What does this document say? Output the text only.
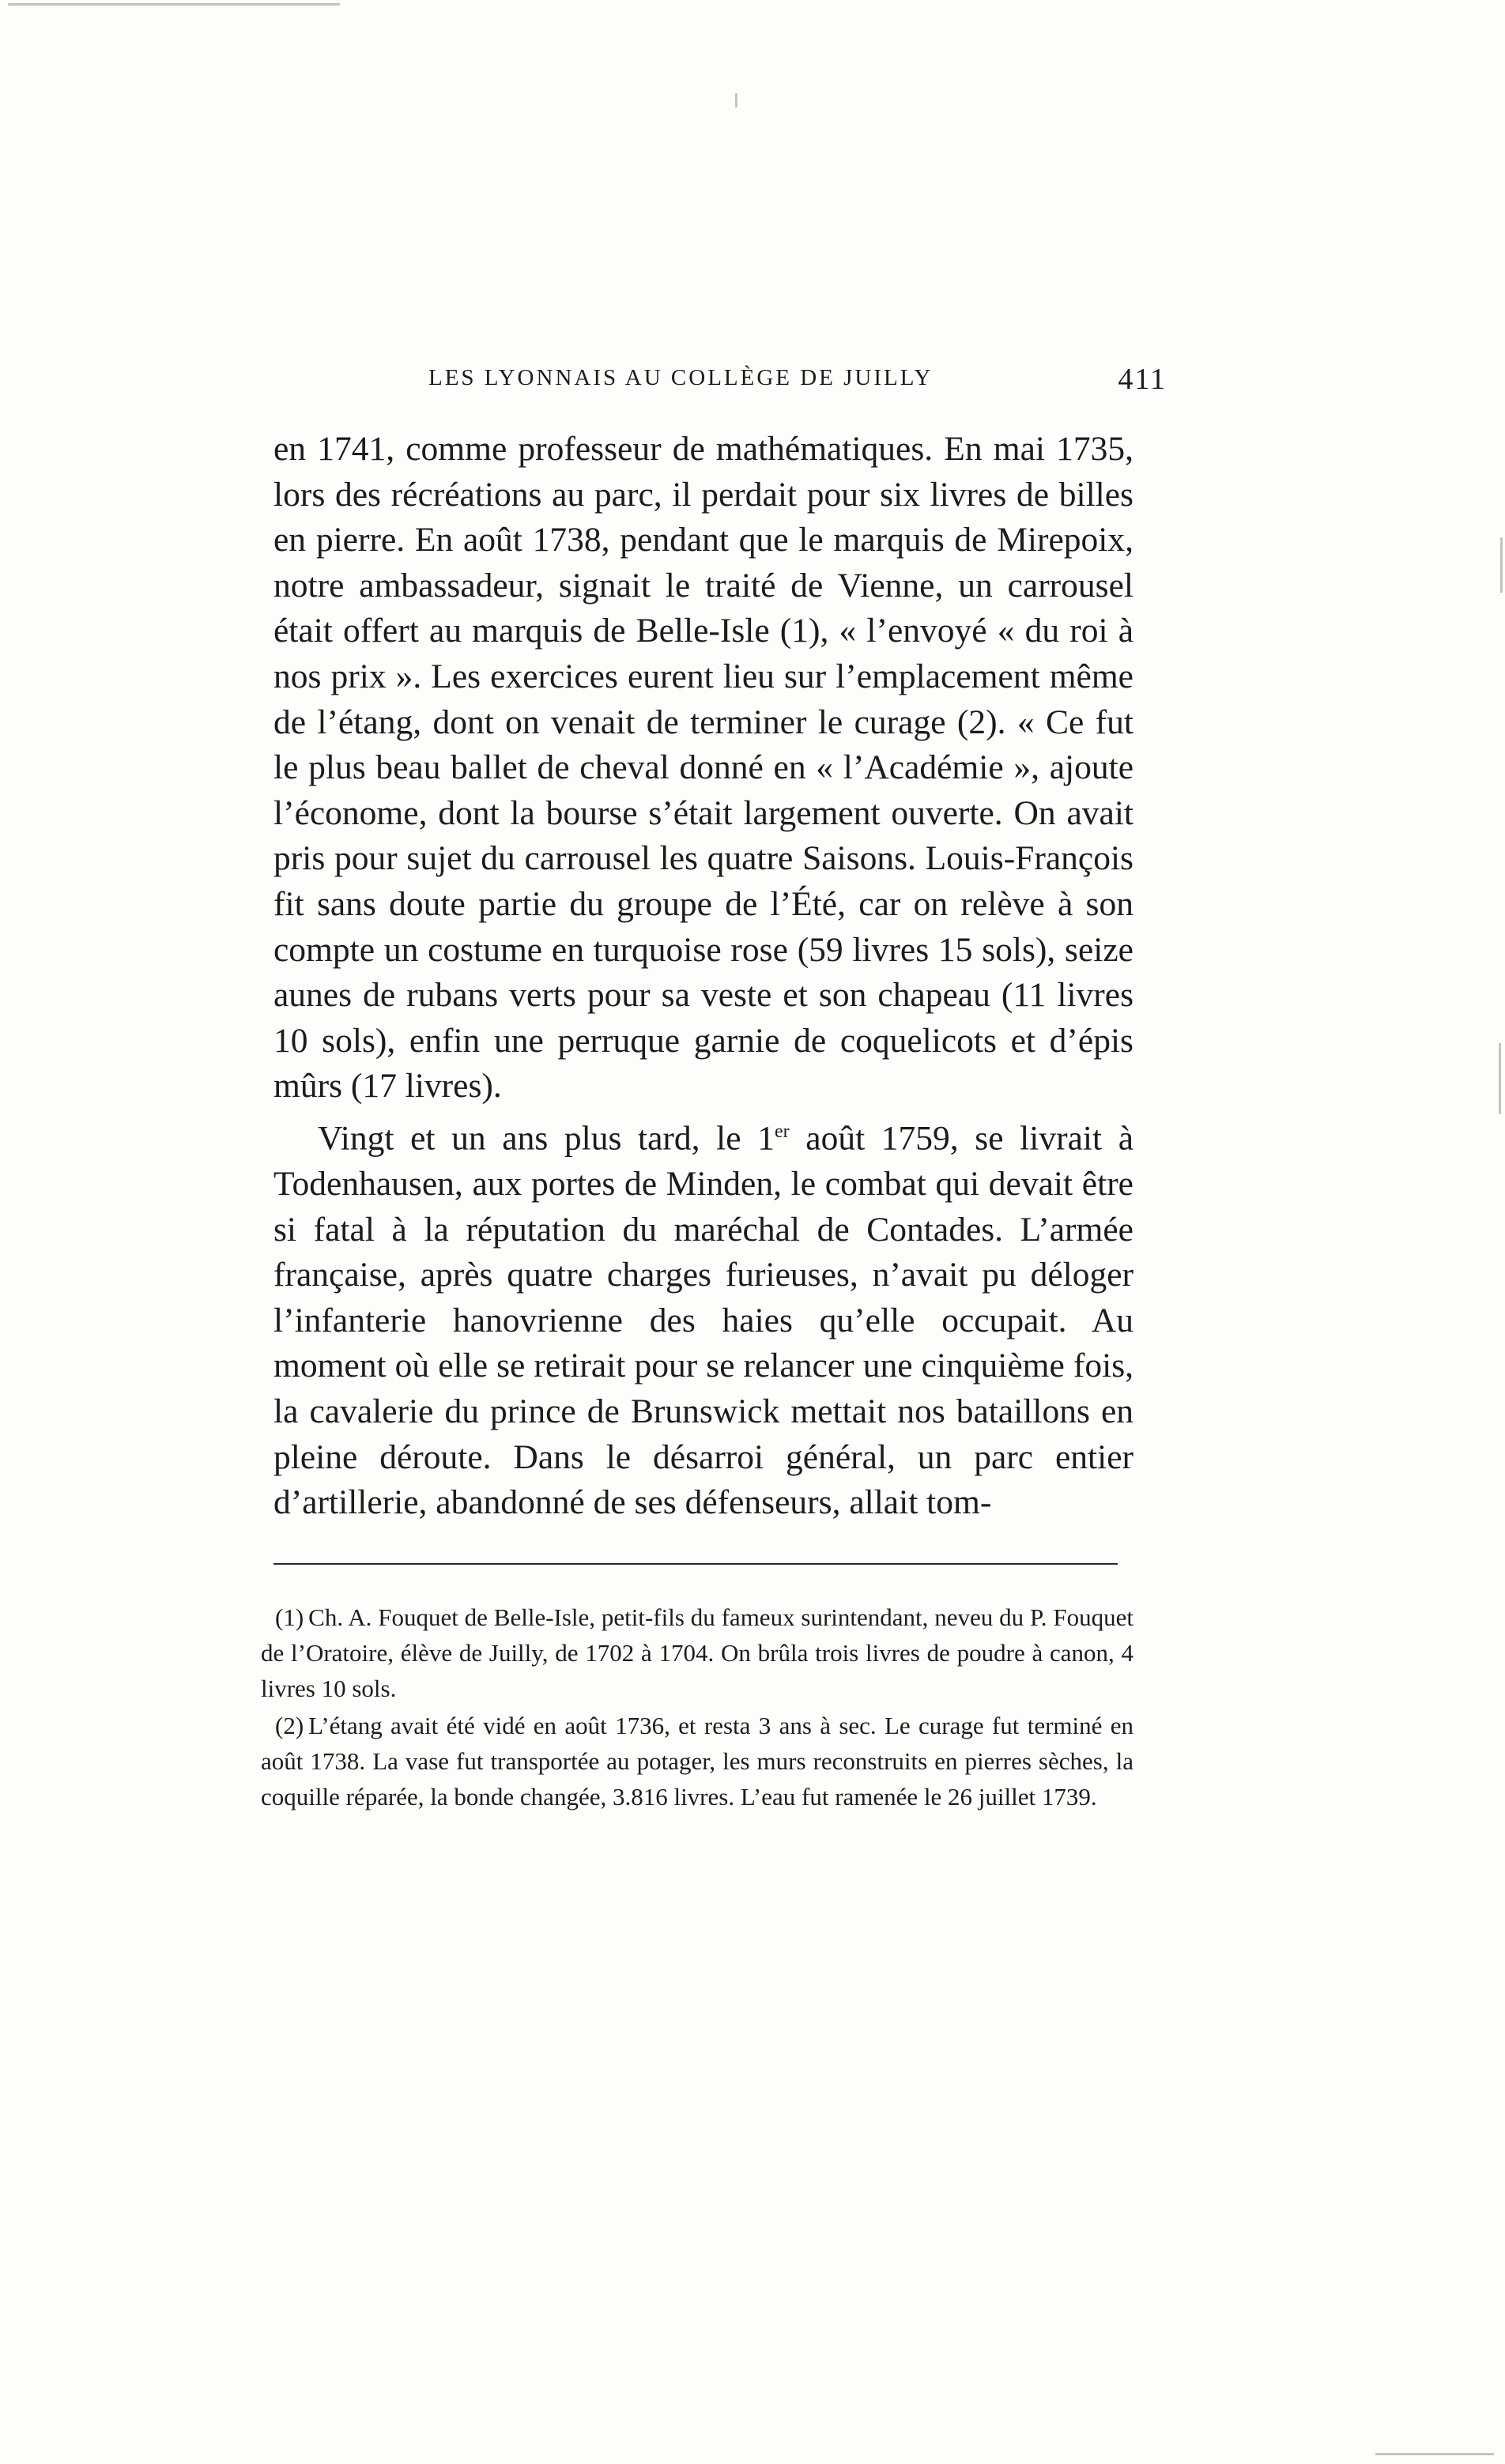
LES LYONNAIS AU COLLÈGE DE JUILLY	411

en 1741, comme professeur de mathématiques. En mai 1735, lors des récréations au parc, il perdait pour six livres de billes en pierre. En août 1738, pendant que le marquis de Mirepoix, notre ambassadeur, signait le traité de Vienne, un carrousel était offert au marquis de Belle-Isle (1), « l’envoyé « du roi à nos prix ». Les exercices eurent lieu sur l’emplacement même de l’étang, dont on venait de terminer le curage (2). « Ce fut le plus beau ballet de cheval donné en « l’Académie », ajoute l’économe, dont la bourse s’était largement ouverte. On avait pris pour sujet du carrousel les quatre Saisons. Louis-François fit sans doute partie du groupe de l’Été, car on relève à son compte un costume en turquoise rose (59 livres 15 sols), seize aunes de rubans verts pour sa veste et son chapeau (11 livres 10 sols), enfin une perruque garnie de coquelicots et d’épis mûrs (17 livres).

Vingt et un ans plus tard, le 1er août 1759, se livrait à Todenhausen, aux portes de Minden, le combat qui devait être si fatal à la réputation du maréchal de Contades. L’armée française, après quatre charges furieuses, n’avait pu déloger l’infanterie hanovrienne des haies qu’elle occupait. Au moment où elle se retirait pour se relancer une cinquième fois, la cavalerie du prince de Brunswick mettait nos bataillons en pleine déroute. Dans le désarroi général, un parc entier d’artillerie, abandonné de ses défenseurs, allait tom-

(1) Ch. A. Fouquet de Belle-Isle, petit-fils du fameux surintendant, neveu du P. Fouquet de l’Oratoire, élève de Juilly, de 1702 à 1704. On brûla trois livres de poudre à canon, 4 livres 10 sols.

(2) L’étang avait été vidé en août 1736, et resta 3 ans à sec. Le curage fut terminé en août 1738. La vase fut transportée au potager, les murs reconstruits en pierres sèches, la coquille réparée, la bonde changée, 3.816 livres. L’eau fut ramenée le 26 juillet 1739.
